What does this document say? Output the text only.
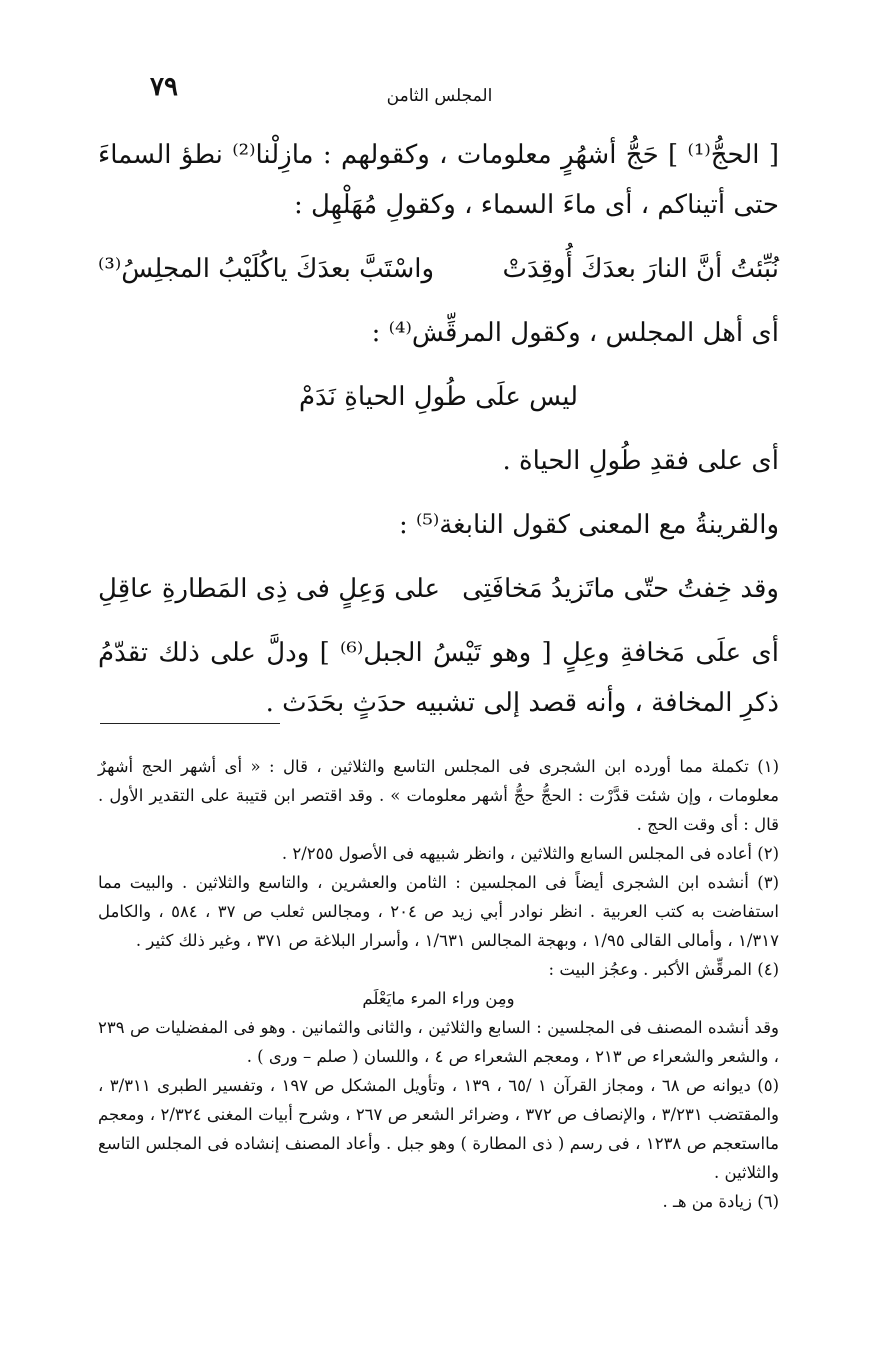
٧٩	المجلس الثامن

[ الحجُّ⁽¹⁾ ] حَجُّ أشهُرٍ معلومات ، وكقولهم : مازِلْنا⁽²⁾ نطؤ السماءَ حتى أتيناكم ، أى ماءَ السماء ، وكقولِ مُهَلْهِل :

نُبِّئتُ أنَّ النارَ بعدَكَ أُوقِدَتْ
واسْتَبَّ بعدَكَ ياكُلَيْبُ المجلِسُ⁽³⁾

أى أهل المجلس ، وكقول المرقِّش⁽⁴⁾ :

ليس علَى طُولِ الحياةِ نَدَمْ

أى على فقدِ طُولِ الحياة .

والقرينةُ مع المعنى كقول النابغة⁽⁵⁾ :

وقد خِفتُ حتّى ماتَزيدُ مَخافَتِى
على وَعِلٍ فى ذِى المَطارةِ عاقِلِ

أى علَى مَخافةِ وعِلٍ [ وهو تَيْسُ الجبل⁽⁶⁾ ] ودلَّ على ذلك تقدّمُ ذكرِ المخافة ، وأنه قصد إلى تشبيه حدَثٍ بحَدَث .

(١) تكملة مما أورده ابن الشجرى فى المجلس التاسع والثلاثين ، قال : « أى أشهر الحج أشهرٌ معلومات ، وإن شئت قدَّرْت : الحجُّ حجُّ أشهر معلومات » . وقد اقتصر ابن قتيبة على التقدير الأول . قال : أى وقت الحج .

(٢) أعاده فى المجلس السابع والثلاثين ، وانظر شبيهه فى الأصول ٢/٢٥٥ .

(٣) أنشده ابن الشجرى أيضاً فى المجلسين : الثامن والعشرين ، والتاسع والثلاثين . والبيت مما استفاضت به كتب العربية . انظر نوادر أبي زيد ص ٢٠٤ ، ومجالس ثعلب ص ٣٧ ، ٥٨٤ ، والكامل ١/٣١٧ ، وأمالى القالى ١/٩٥ ، وبهجة المجالس ١/٦٣١ ، وأسرار البلاغة ص ٣٧١ ، وغير ذلك كثير .

(٤) المرقِّش الأكبر . وعجُز البيت :

ومِن وراء المرء مايَعْلَم

وقد أنشده المصنف فى المجلسين : السابع والثلاثين ، والثانى والثمانين . وهو فى المفضليات ص ٢٣٩ ، والشعر والشعراء ص ٢١٣ ، ومعجم الشعراء ص ٤ ، واللسان ( صلم – ورى ) .

(٥) ديوانه ص ٦٨ ، ومجاز القرآن ١ /٦٥ ، ١٣٩ ، وتأويل المشكل ص ١٩٧ ، وتفسير الطبرى ٣/٣١١ ، والمقتضب ٣/٢٣١ ، والإنصاف ص ٣٧٢ ، وضرائر الشعر ص ٢٦٧ ، وشرح أبيات المغنى ٢/٣٢٤ ، ومعجم مااستعجم ص ١٢٣٨ ، فى رسم ( ذى المطارة ) وهو جبل . وأعاد المصنف إنشاده فى المجلس التاسع والثلاثين .

(٦) زيادة من هـ .
